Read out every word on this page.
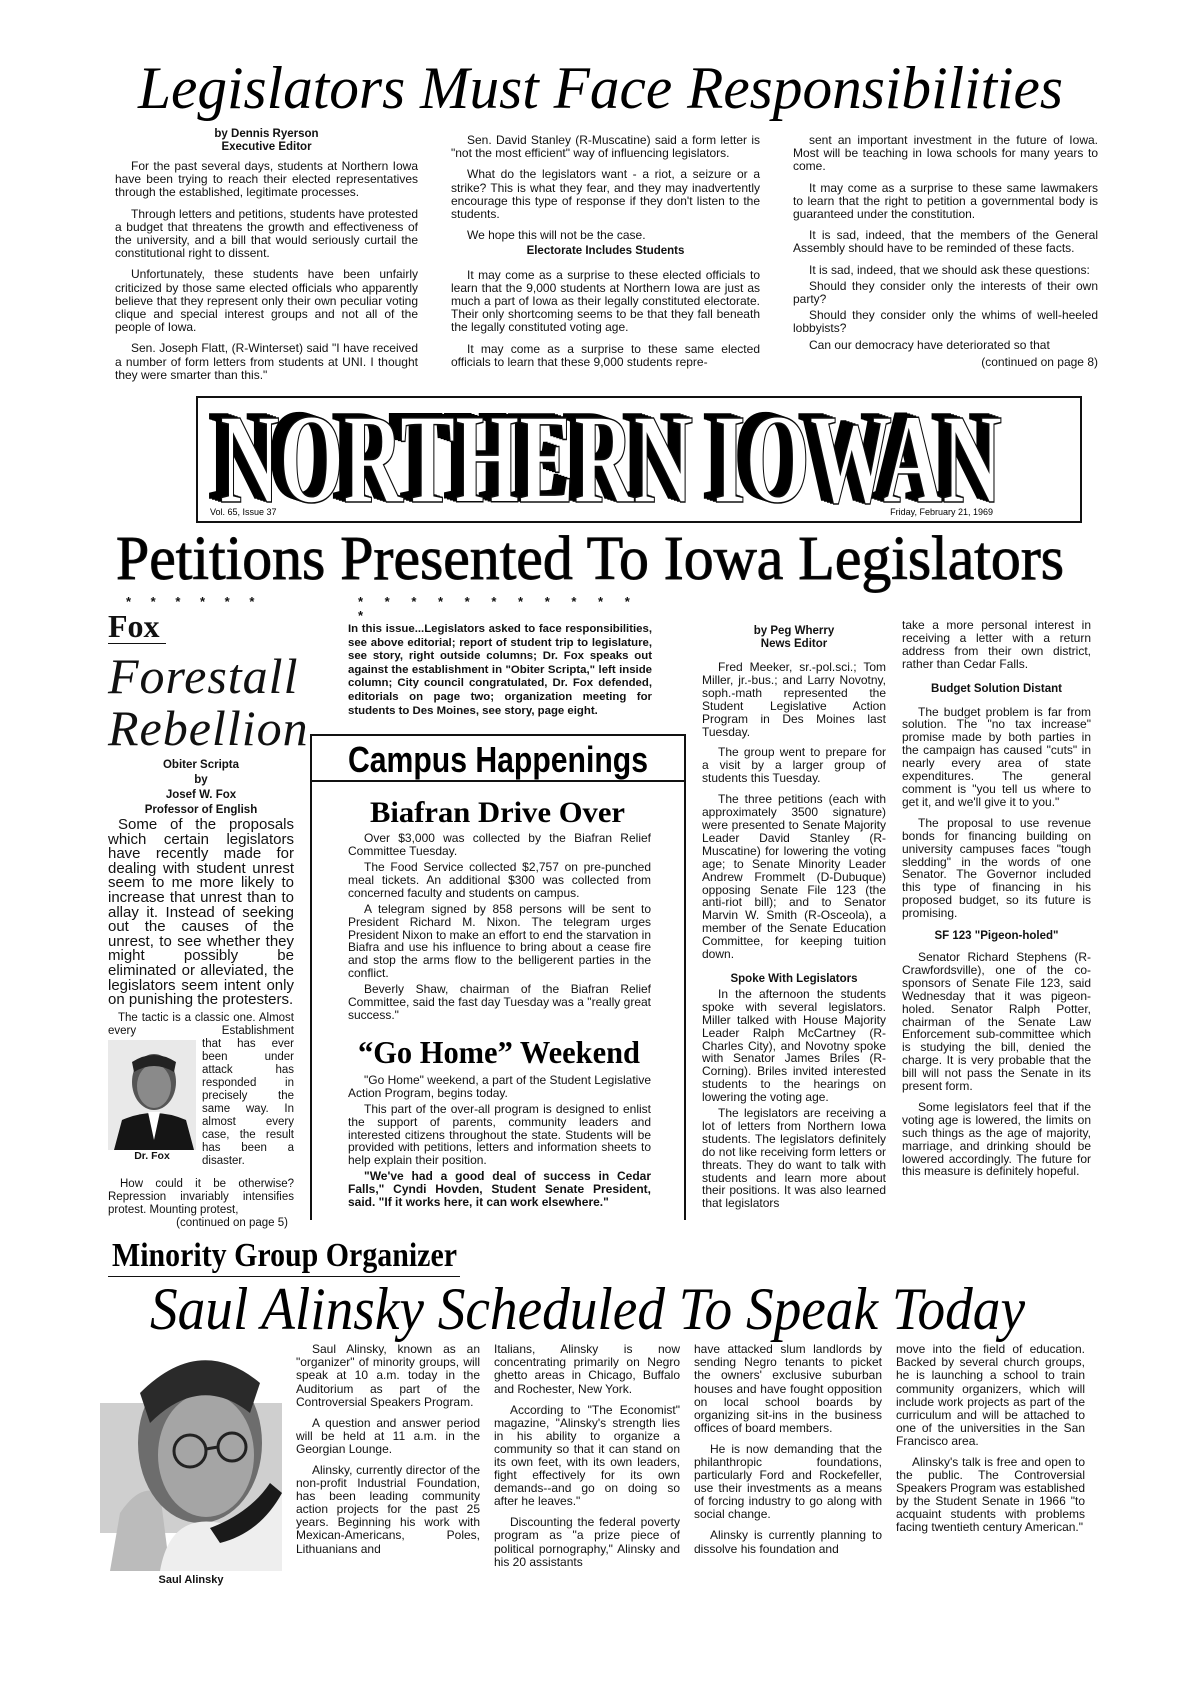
Legislators Must Face Responsibilities
by Dennis Ryerson
Executive Editor

For the past several days, students at Northern Iowa have been trying to reach their elected representatives through the established, legitimate processes.

Through letters and petitions, students have protested a budget that threatens the growth and effectiveness of the university, and a bill that would seriously curtail the constitutional right to dissent.

Unfortunately, these students have been unfairly criticized by those same elected officials who apparently believe that they represent only their own peculiar voting clique and special interest groups and not all of the people of Iowa.

Sen. Joseph Flatt, (R-Winterset) said "I have received a number of form letters from students at UNI. I thought they were smarter than this."

Sen. David Stanley (R-Muscatine) said a form letter is "not the most efficient" way of influencing legislators.

What do the legislators want - a riot, a seizure or a strike? This is what they fear, and they may inadvertently encourage this type of response if they don't listen to the students.

We hope this will not be the case.

Electorate Includes Students

It may come as a surprise to these elected officials to learn that the 9,000 students at Northern Iowa are just as much a part of Iowa as their legally constituted electorate. Their only shortcoming seems to be that they fall beneath the legally constituted voting age.

It may come as a surprise to these same elected officials to learn that these 9,000 students repre-

sent an important investment in the future of Iowa. Most will be teaching in Iowa schools for many years to come.

It may come as a surprise to these same lawmakers to learn that the right to petition a governmental body is guaranteed under the constitution.

It is sad, indeed, that the members of the General Assembly should have to be reminded of these facts.

It is sad, indeed, that we should ask these questions:

Should they consider only the interests of their own party?

Should they consider only the whims of well-heeled lobbyists?

Can our democracy have deteriorated so that

(continued on page 8)
NORTHERN IOWAN
Vol. 65, Issue 37	Friday, February 21, 1969
Petitions Presented To Iowa Legislators
* * * * * *
Fox
Forestall
Rebellion
Obiter Scripta
by
Josef W. Fox
Professor of English
Some of the proposals which certain legislators have recently made for dealing with student unrest seem to me more likely to increase that unrest than to allay it. Instead of seeking out the causes of the unrest, to see whether they might possibly be eliminated or alleviated, the legislators seem intent only on punishing the protesters.
The tactic is a classic one. Almost every Establishment
Dr. Fox
that has ever been under attack has responded in precisely the same way. In almost every case, the result has been a disaster.
How could it be otherwise? Repression invariably intensifies protest. Mounting protest,
(continued on page 5)
* * * * * * * * * * * *
In this issue...Legislators asked to face responsibilities, see above editorial; report of student trip to legislature, see story, right outside columns; Dr. Fox speaks out against the establishment in "Obiter Scripta," left inside column; City council congratulated, Dr. Fox defended, editorials on page two; organization meeting for students to Des Moines, see story, page eight.
Campus Happenings
Biafran Drive Over

Over $3,000 was collected by the Biafran Relief Committee Tuesday.

The Food Service collected $2,757 on pre-punched meal tickets. An additional $300 was collected from concerned faculty and students on campus.

A telegram signed by 858 persons will be sent to President Richard M. Nixon. The telegram urges President Nixon to make an effort to end the starvation in Biafra and use his influence to bring about a cease fire and stop the arms flow to the belligerent parties in the conflict.

Beverly Shaw, chairman of the Biafran Relief Committee, said the fast day Tuesday was a "really great success."

“Go Home” Weekend

"Go Home" weekend, a part of the Student Legislative Action Program, begins today.

This part of the over-all program is designed to enlist the support of parents, community leaders and interested citizens throughout the state. Students will be provided with petitions, letters and information sheets to help explain their position.

"We've had a good deal of success in Cedar Falls," Cyndi Hovden, Student Senate President, said. "If it works here, it can work elsewhere."

by Peg Wherry
News Editor

Fred Meeker, sr.-pol.sci.; Tom Miller, jr.-bus.; and Larry Novotny, soph.-math represented the Student Legislative Action Program in Des Moines last Tuesday.

The group went to prepare for a visit by a larger group of students this Tuesday.

The three petitions (each with approximately 3500 signature) were presented to Senate Majority Leader David Stanley (R-Muscatine) for lowering the voting age; to Senate Minority Leader Andrew Frommelt (D-Dubuque) opposing Senate File 123 (the anti-riot bill); and to Senator Marvin W. Smith (R-Osceola), a member of the Senate Education Committee, for keeping tuition down.

Spoke With Legislators

In the afternoon the students spoke with several legislators. Miller talked with House Majority Leader Ralph McCartney (R-Charles City), and Novotny spoke with Senator James Briles (R-Corning). Briles invited interested students to the hearings on lowering the voting age.

The legislators are receiving a lot of letters from Northern Iowa students. The legislators definitely do not like receiving form letters or threats. They do want to talk with students and learn more about their positions. It was also learned that legislators

take a more personal interest in receiving a letter with a return address from their own district, rather than Cedar Falls.

Budget Solution Distant

The budget problem is far from solution. The "no tax increase" promise made by both parties in the campaign has caused "cuts" in nearly every area of state expenditures. The general comment is "you tell us where to get it, and we'll give it to you."

The proposal to use revenue bonds for financing building on university campuses faces "tough sledding" in the words of one Senator. The Governor included this type of financing in his proposed budget, so its future is promising.

SF 123 "Pigeon-holed"

Senator Richard Stephens (R-Crawfordsville), one of the co-sponsors of Senate File 123, said Wednesday that it was pigeon-holed. Senator Ralph Potter, chairman of the Senate Law Enforcement sub-committee which is studying the bill, denied the charge. It is very probable that the bill will not pass the Senate in its present form.

Some legislators feel that if the voting age is lowered, the limits on such things as the age of majority, marriage, and drinking should be lowered accordingly. The future for this measure is definitely hopeful.

Minority Group Organizer
Saul Alinsky Scheduled To Speak Today
Saul Alinsky

Saul Alinsky, known as an "organizer" of minority groups, will speak at 10 a.m. today in the Auditorium as part of the Controversial Speakers Program.

A question and answer period will be held at 11 a.m. in the Georgian Lounge.

Alinsky, currently director of the non-profit Industrial Foundation, has been leading community action projects for the past 25 years. Beginning his work with Mexican-Americans, Poles, Lithuanians and

Italians, Alinsky is now concentrating primarily on Negro ghetto areas in Chicago, Buffalo and Rochester, New York.

According to "The Economist" magazine, "Alinsky's strength lies in his ability to organize a community so that it can stand on its own feet, with its own leaders, fight effectively for its own demands--and go on doing so after he leaves."

Discounting the federal poverty program as "a prize piece of political pornography," Alinsky and his 20 assistants

have attacked slum landlords by sending Negro tenants to picket the owners' exclusive suburban houses and have fought opposition on local school boards by organizing sit-ins in the business offices of board members.

He is now demanding that the philanthropic foundations, particularly Ford and Rockefeller, use their investments as a means of forcing industry to go along with social change.

Alinsky is currently planning to dissolve his foundation and

move into the field of education. Backed by several church groups, he is launching a school to train community organizers, which will include work projects as part of the curriculum and will be attached to one of the universities in the San Francisco area.

Alinsky's talk is free and open to the public. The Controversial Speakers Program was established by the Student Senate in 1966 "to acquaint students with problems facing twentieth century American."
